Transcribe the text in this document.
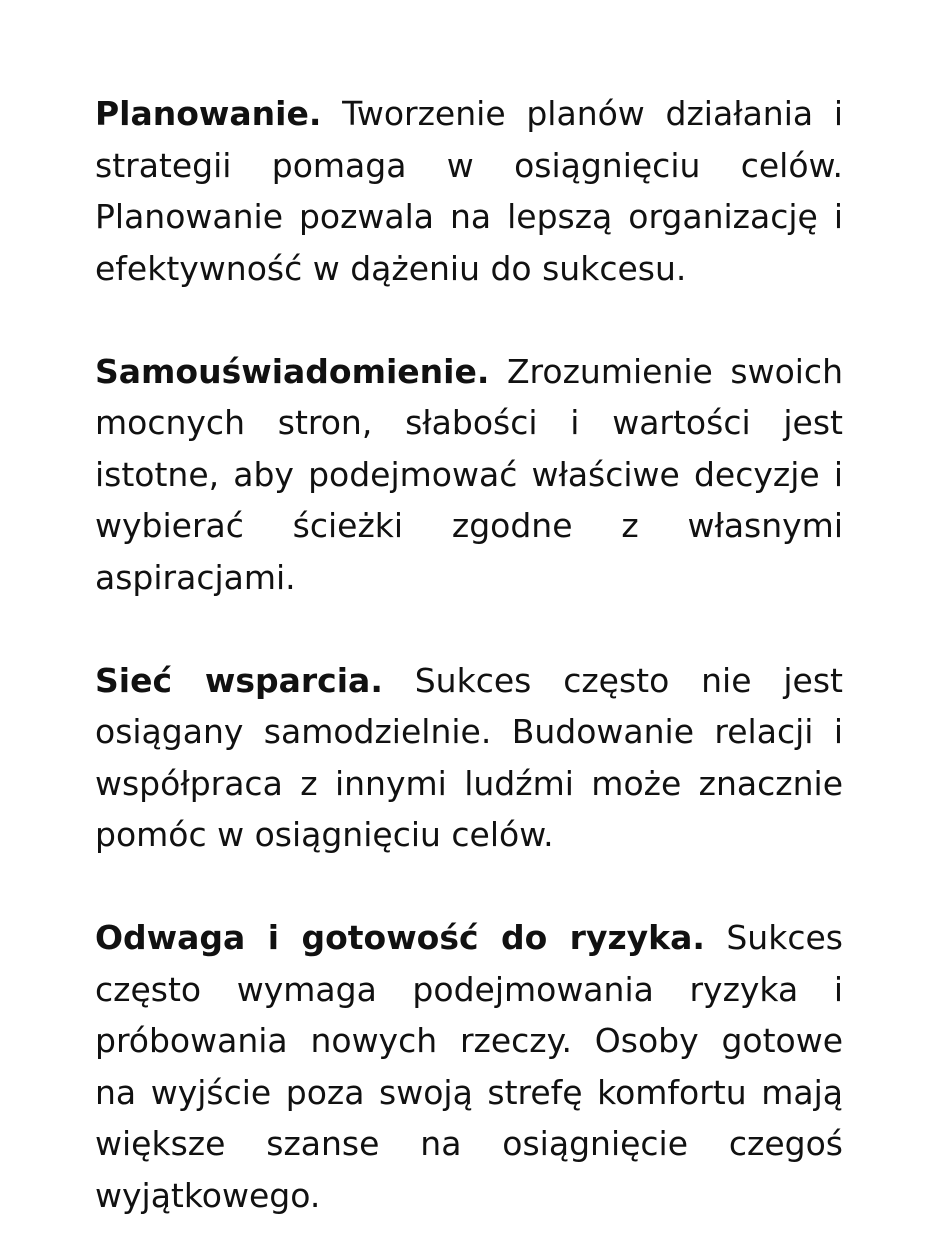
Planowanie. Tworzenie planów działania i strategii pomaga w osiągnięciu celów. Planowanie pozwala na lepszą organizację i efektywność w dążeniu do sukcesu.

Samouświadomienie. Zrozumienie swoich mocnych stron, słabości i wartości jest istotne, aby podejmować właściwe decyzje i wybierać ścieżki zgodne z własnymi aspiracjami.

Sieć wsparcia. Sukces często nie jest osiągany samodzielnie. Budowanie relacji i współpraca z innymi ludźmi może znacznie pomóc w osiągnięciu celów.

Odwaga i gotowość do ryzyka. Sukces często wymaga podejmowania ryzyka i próbowania nowych rzeczy. Osoby gotowe na wyjście poza swoją strefę komfortu mają większe szanse na osiągnięcie czegoś wyjątkowego.
